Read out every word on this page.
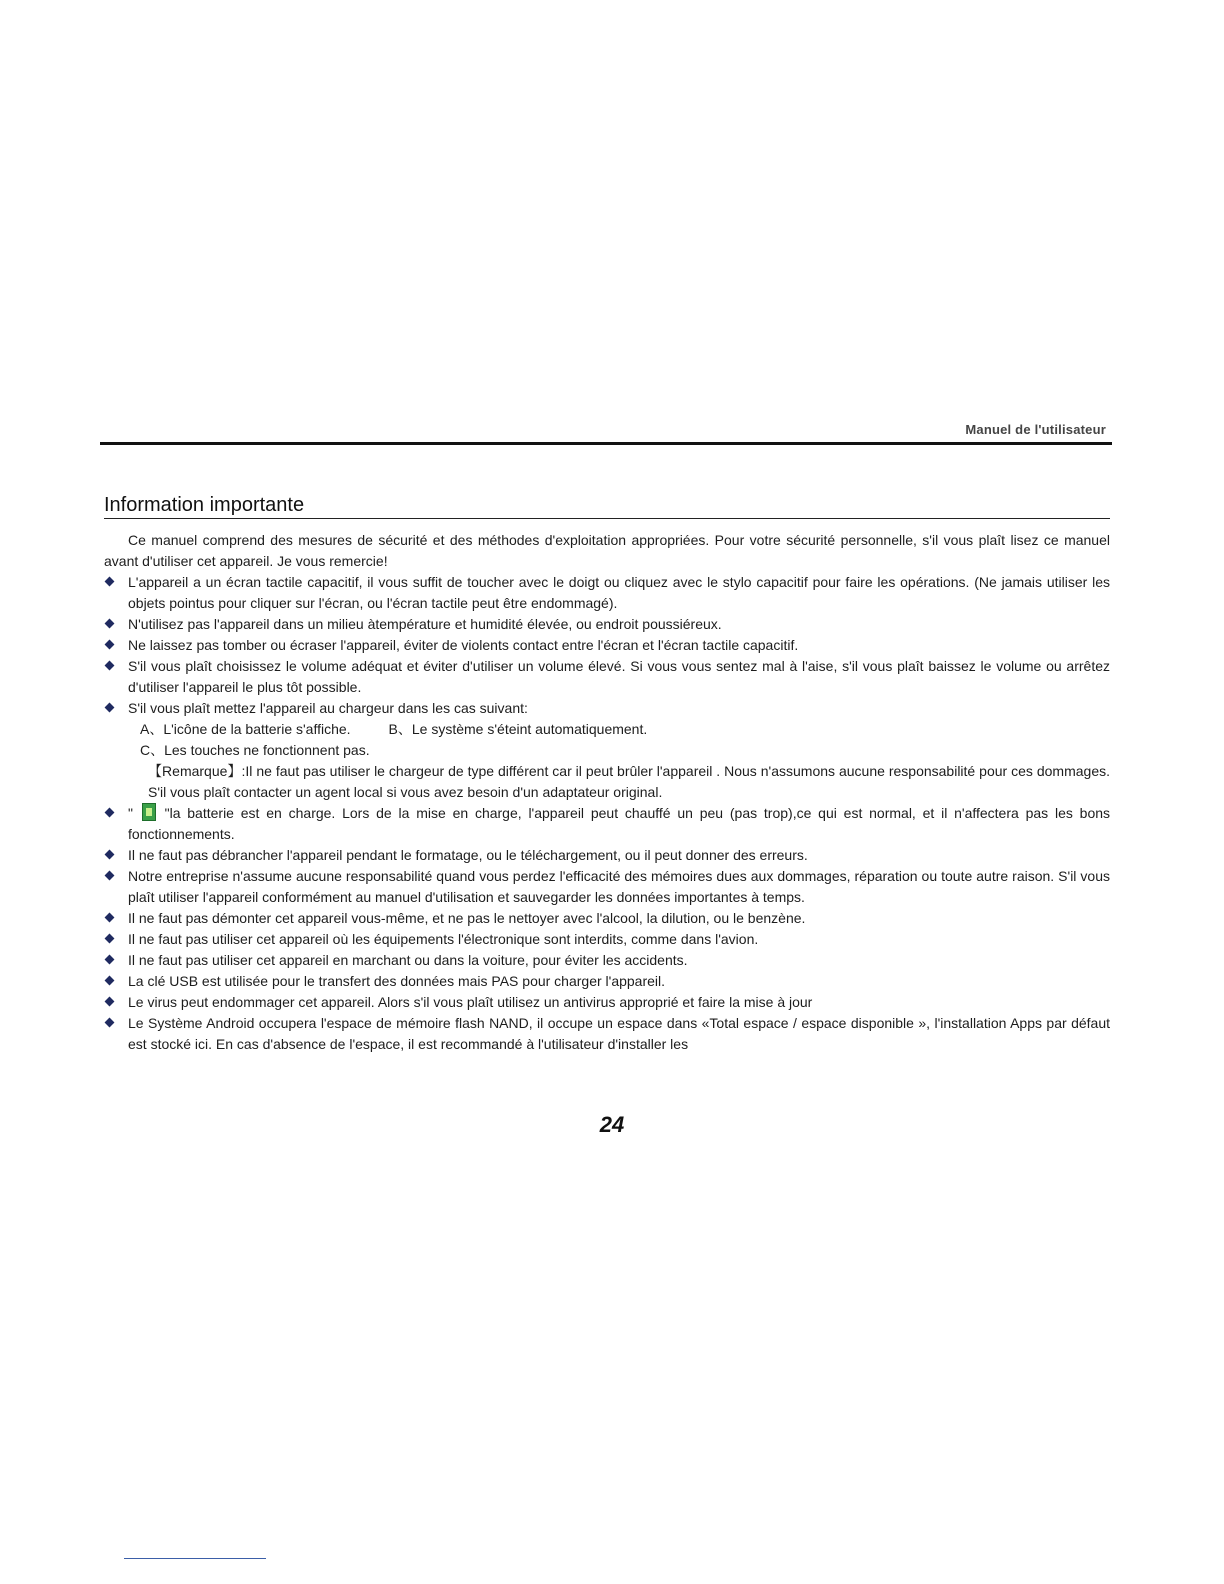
Manuel de l'utilisateur
Information importante

Ce manuel comprend des mesures de sécurité et des méthodes d'exploitation appropriées. Pour votre sécurité personnelle, s'il vous plaît lisez ce manuel avant d'utiliser cet appareil. Je vous remercie!

L'appareil a un écran tactile capacitif, il vous suffit de toucher avec le doigt ou cliquez avec le stylo capacitif pour faire les opérations. (Ne jamais utiliser les objets pointus pour cliquer sur l'écran, ou l'écran tactile peut être endommagé).
N'utilisez pas l'appareil dans un milieu àtempérature et humidité élevée, ou endroit poussiéreux.
Ne laissez pas tomber ou écraser l'appareil, éviter de violents contact entre l'écran et l'écran tactile capacitif.
S'il vous plaît choisissez le volume adéquat et éviter d'utiliser un volume élevé. Si vous vous sentez mal à l'aise, s'il vous plaît baissez le volume ou arrêtez d'utiliser l'appareil le plus tôt possible.
S'il vous plaît mettez l'appareil au chargeur dans les cas suivant:
A、L'icône de la batterie s'affiche.	B、Le système s'éteint automatiquement.
C、Les touches ne fonctionnent pas.
【Remarque】:Il ne faut pas utiliser le chargeur de type différent car il peut brûler l'appareil . Nous n'assumons aucune responsabilité pour ces dommages. S'il vous plaît contacter un agent local si vous avez besoin d'un adaptateur original.
" "la batterie est en charge. Lors de la mise en charge, l'appareil peut chauffé un peu (pas trop),ce qui est normal, et il n'affectera pas les bons fonctionnements.
Il ne faut pas débrancher l'appareil pendant le formatage, ou le téléchargement, ou il peut donner des erreurs.
Notre entreprise n'assume aucune responsabilité quand vous perdez l'efficacité des mémoires dues aux dommages, réparation ou toute autre raison. S'il vous plaît utiliser l'appareil conformément au manuel d'utilisation et sauvegarder les données importantes à temps.
Il ne faut pas démonter cet appareil vous-même, et ne pas le nettoyer avec l'alcool, la dilution, ou le benzène.
Il ne faut pas utiliser cet appareil où les équipements l'électronique sont interdits, comme dans l'avion.
Il ne faut pas utiliser cet appareil en marchant ou dans la voiture, pour éviter les accidents.
La clé USB est utilisée pour le transfert des données mais PAS pour charger l'appareil.
Le virus peut endommager cet appareil. Alors s'il vous plaît utilisez un antivirus approprié et faire la mise à jour
Le Système Android occupera l'espace de mémoire flash NAND, il occupe un espace dans «Total espace / espace disponible », l'installation Apps par défaut est stocké ici. En cas d'absence de l'espace, il est recommandé à l'utilisateur d'installer les
24
